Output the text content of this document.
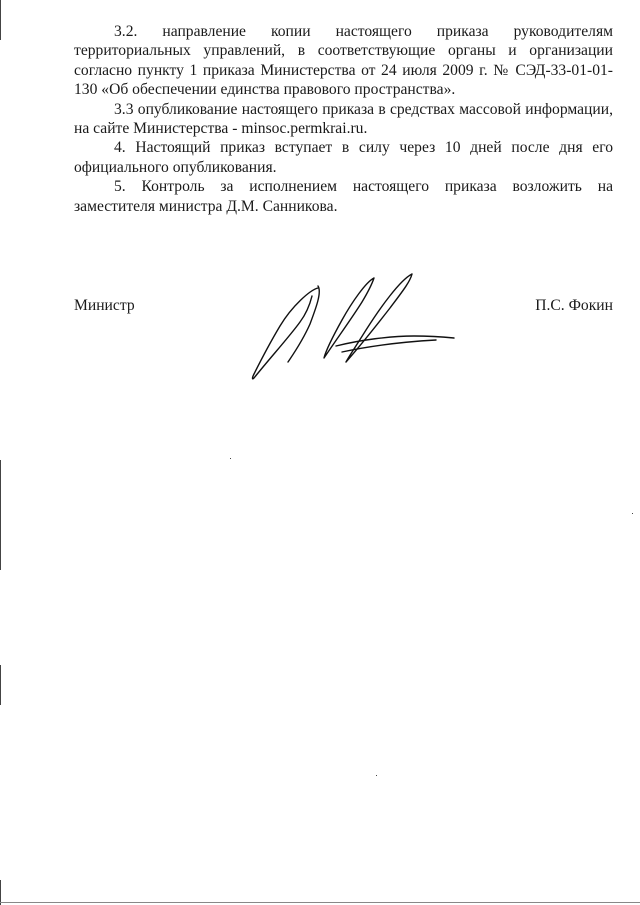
3.2. направление копии настоящего приказа руководителям территориальных управлений, в соответствующие органы и организации согласно пункту 1 приказа Министерства от 24 июля 2009 г. № СЭД-33-01-01-130 «Об обеспечении единства правового пространства».

3.3 опубликование настоящего приказа в средствах массовой информации, на сайте Министерства - minsoc.permkrai.ru.

4. Настоящий приказ вступает в силу через 10 дней после дня его официального опубликования.

5. Контроль за исполнением настоящего приказа возложить на заместителя министра Д.М. Санникова.

Министр	П.С. Фокин
